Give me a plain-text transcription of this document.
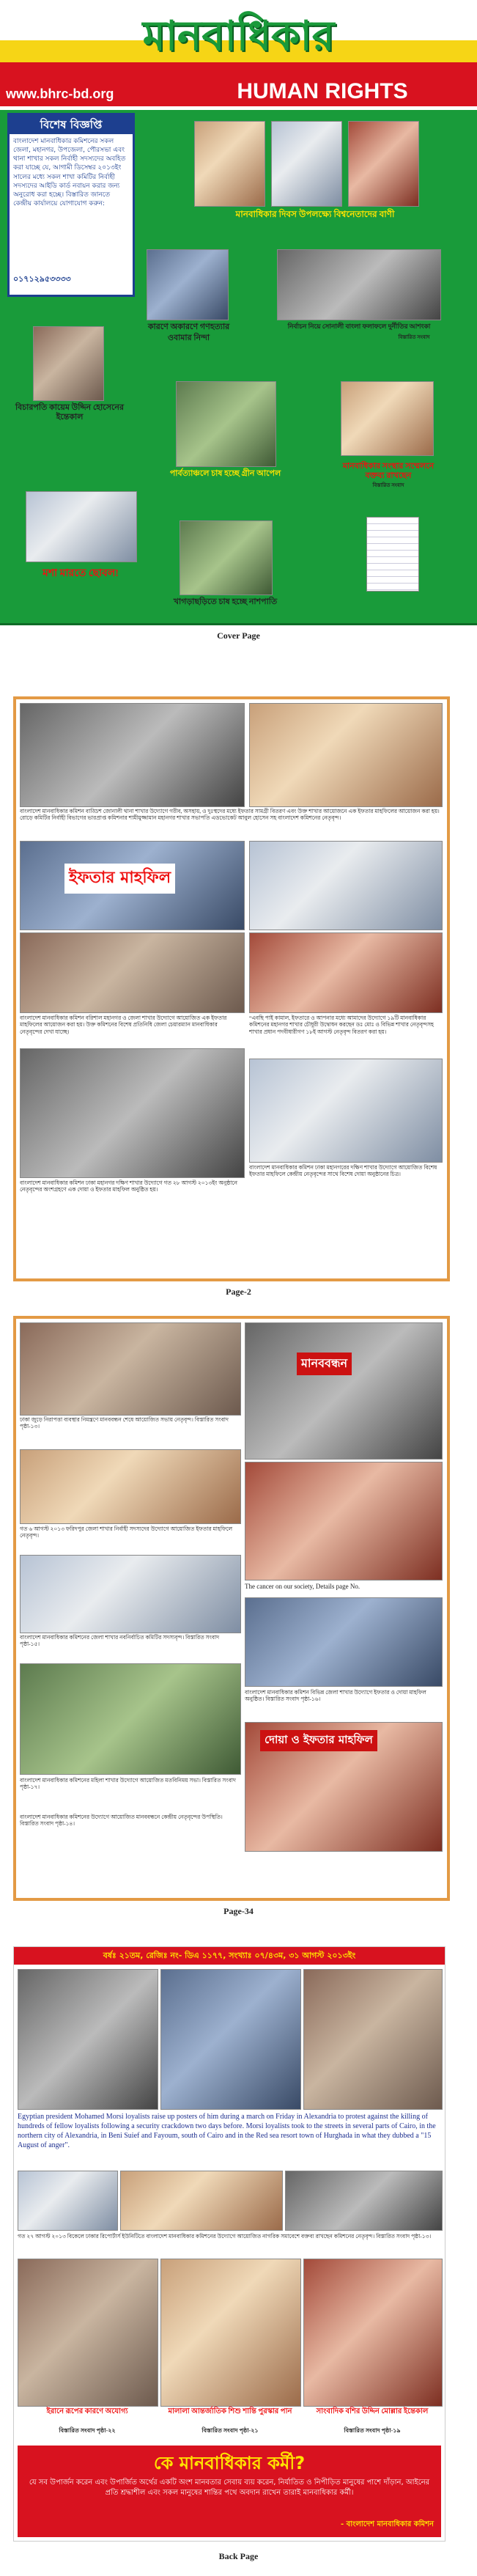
মানবাধিকার
www.bhrc-bd.org	HUMAN RIGHTS
বিশেষ বিজ্ঞপ্তি
বাংলাদেশ মানবাধিকার কমিশনের সকল জেলা, মহানগর, উপজেলা, পৌরসভা এবং থানা শাখার সকল নির্বাহী সদস্যদের অবহিত করা যাচ্ছে যে, আগামী ডিসেম্বর ২০১৩ইং সালের মধ্যে সকল শাখা কমিটির নির্বাহী সদস্যদের আইডি কার্ড নবায়ন করার জন্য অনুরোধ করা হচ্ছে। বিস্তারিত জানতে কেন্দ্রীয় কার্যালয়ে যোগাযোগ করুন:
০১৭১২৯৫৩৩৩৩
মানবাধিকার দিবস উপলক্ষ্যে বিশ্বনেতাদের বাণী
কারণে অকারণে গণহত্যার
ওবামার নিন্দা
নির্বাচন নিয়ে সোনালী বাংলা ফলাফলে দুর্নীতির আশংকা
বিস্তারিত সংবাদ
বিচারপতি কায়েম উদ্দিন হোসেনের ইন্তেকাল
পার্বত্যাঞ্চলে চাষ হচ্ছে গ্রীন আপেল
মানবাধিকার সংস্থার সম্মেলনে বক্তব্য রাখছেন
বিস্তারিত সংবাদ
মশা মারতে ছোবল!
খাগড়াছড়িতে চাষ হচ্ছে নাশপাতি
Cover Page
বাংলাদেশ মানবাধিকার কমিশন বাড্ডিশ জোনালী থানা শাখার উদ্যোগে গরীব, অসহায়, ও দুঃস্থদের মধ্যে ইফতার সামগ্রী বিতরণ এবং উক্ত শাখার আয়োজনে এক ইফতার মাহফিলের আয়োজন করা হয়। রোড়ে কমিটির নির্বাহী বিভাগের ভারপ্রাপ্ত কমিশনার শামীমুজ্জামান মহানগর শাখার সভাপতি এডভোকেট আবুল হোসেন সহ বাংলাদেশ কমিশনের নেতৃবৃন্দ।
ইফতার মাহফিল
বাংলাদেশ মানবাধিকার কমিশন বরিশাল মহানগর ও জেলা শাখার উদ্যোগে আয়োজিত এক ইফতার মাহফিলের আয়োজন করা হয়। উক্ত কমিশনের বিশেষ প্রতিনিধি জেলা চেয়ারম্যান মানবাধিকার নেতৃবৃন্দের দেখা যাচ্ছে।
“এবছি পাই কামাল, ইফতারে ও আপনার মধ্যে আমাদের উদ্যোগে ১৯টি মানবাধিকার কমিশনের মহানগর শাখার চৌধুরী উদ্বোধন করছেন ডঃ মোঃ ও বিভিন্ন শাখার নেতৃবৃন্দসহ শাখার প্রধান পদবীধারীগণ ১৮ই আগস্ট নেতৃবৃন্দ বিতরণ করা হয়।
বাংলাদেশ মানবাধিকার কমিশন ঢাকা মহানগরের দক্ষিণ শাখার উদ্যোগে আয়োজিত বিশেষ ইফতার মাহফিলে কেন্দ্রীয় নেতৃবৃন্দের সাথে বিশেষ দোয়া অনুষ্ঠানের চিত্র।
বাংলাদেশ মানবাধিকার কমিশন ঢাকা মহানগর দক্ষিণ শাখার উদ্যোগে গত ২৮ আগস্ট ২০১৩ইং অনুষ্ঠানে নেতৃবৃন্দের অংশগ্রহণে এক দোয়া ও ইফতার মাহফিল অনুষ্ঠিত হয়।
Page-2
মানববন্ধন
ঢাকা জুড়ে নিরাপত্তা ব্যবস্থার নিমন্ত্রণে মানববন্ধন শেষে আয়োজিত সভায় নেতৃবৃন্দ। বিস্তারিত সংবাদ পৃষ্ঠা-১৩।
গত ৬ আগস্ট ২০১৩ ফরিদপুর জেলা শাখার নির্বাহী সদস্যদের উদ্যোগে আয়োজিত ইফতার মাহফিলে নেতৃবৃন্দ।
The cancer on our society, Details page No.
বাংলাদেশ মানবাধিকার কমিশনের জেলা শাখার নবনির্বাচিত কমিটির সদস্যবৃন্দ। বিস্তারিত সংবাদ পৃষ্ঠা-১৫।
বাংলাদেশ মানবাধিকার কমিশন বিভিন্ন জেলা শাখার উদ্যোগে ইফতার ও দোয়া মাহফিল অনুষ্ঠিত। বিস্তারিত সংবাদ পৃষ্ঠা-১৬।
দোয়া ও ইফতার মাহফিল
বাংলাদেশ মানবাধিকার কমিশনের মহিলা শাখার উদ্যোগে আয়োজিত মতবিনিময় সভা। বিস্তারিত সংবাদ পৃষ্ঠা-১৭।
বাংলাদেশ মানবাধিকার কমিশনের উদ্যোগে আয়োজিত মানববন্ধনে কেন্দ্রীয় নেতৃবৃন্দের উপস্থিতি। বিস্তারিত সংবাদ পৃষ্ঠা-১৪।
Page-34
বর্ষঃ ২১তম, রেজিঃ নং- ডিএ ১১৭৭, সংখ্যাঃ ০৭/৪৩ম, ৩১ আগস্ট ২০১৩ইং
Egyptian president Mohamed Morsi loyalists raise up posters of him during a march on Friday in Alexandria to protest against the killing of hundreds of fellow loyalists following a security crackdown two days before. Morsi loyalists took to the streets in several parts of Cairo, in the northern city of Alexandria, in Beni Suief and Fayoum, south of Cairo and in the Red sea resort town of Hurghada in what they dubbed a "15 August of anger".
গত ২৭ আগস্ট ২০১৩ বিকেলে ঢাকার রিপোর্টার্স ইউনিটিতে বাংলাদেশ মানবাধিকার কমিশনের উদ্যোগে আয়োজিত নাগরিক সমাবেশে বক্তব্য রাখছেন কমিশনের নেতৃবৃন্দ। বিস্তারিত সংবাদ পৃষ্ঠা-১৩।
ইরানে রূপের কারণে অযোগ্য
বিস্তারিত সংবাদ পৃষ্ঠা-২২
মালালা আন্তর্জাতিক শিশু শান্তি পুরস্কার পান
বিস্তারিত সংবাদ পৃষ্ঠা-২১
সাংবাদিক বশির উদ্দিন মোল্লার ইন্তেকাল
বিস্তারিত সংবাদ পৃষ্ঠা-১৯
কে মানবাধিকার কর্মী?
যে সব উপার্জন করেন এবং উপার্জিত অর্থের একটি অংশ মানবতার সেবায় ব্যয় করেন, নির্যাতিত ও নিপীড়িত মানুষের পাশে দাঁড়ান, আইনের প্রতি শ্রদ্ধাশীল এবং সকল মানুষের শান্তির পথে অবদান রাখেন তারাই মানবাধিকার কর্মী।
- বাংলাদেশ মানবাধিকার কমিশন
Back Page
